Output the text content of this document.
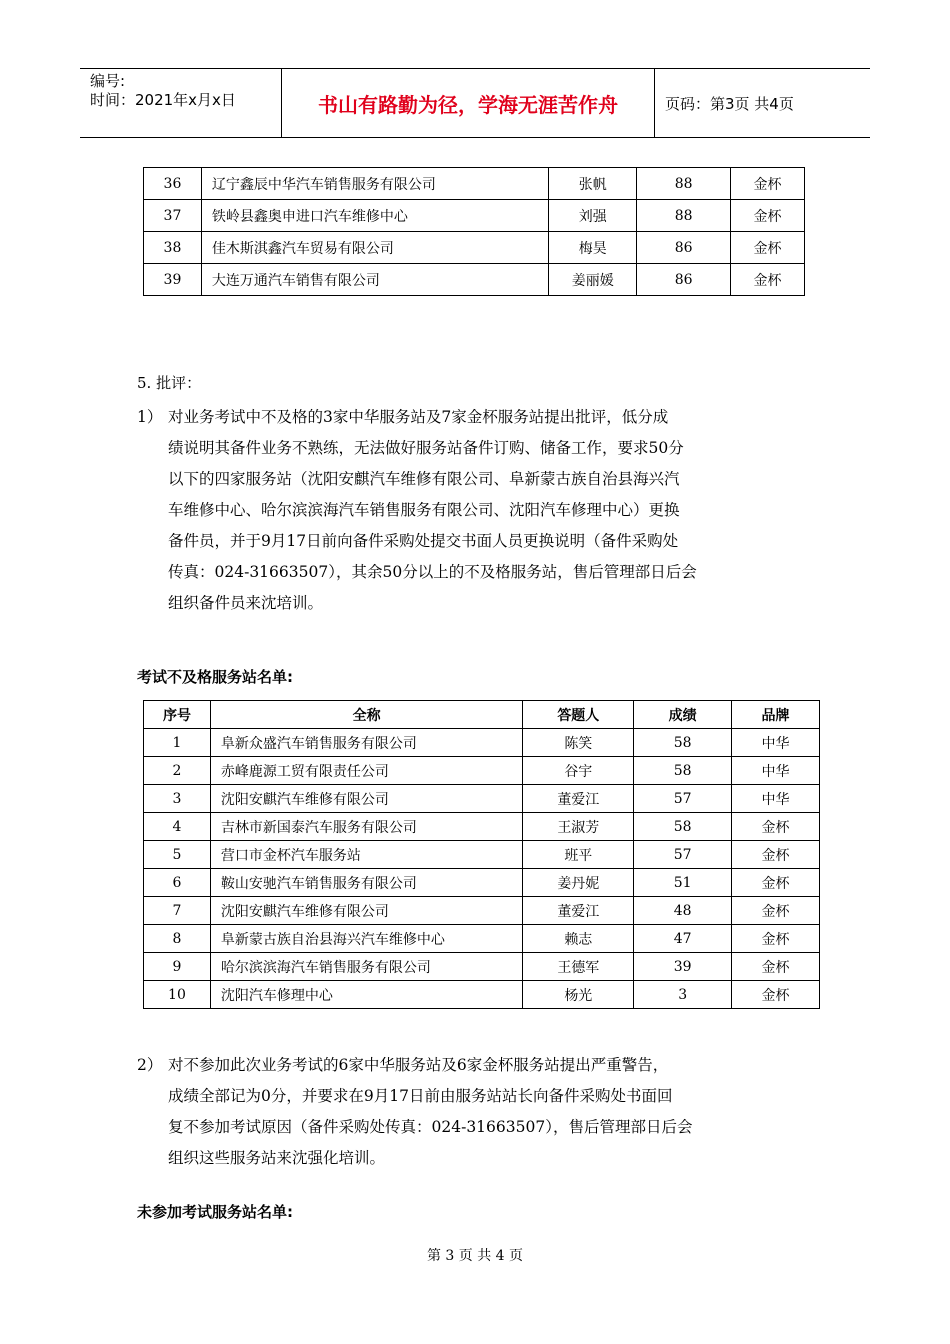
编号:
时间：2021年x月x日	书山有路勤为径，学海无涯苦作舟	页码：第3页 共4页
36	辽宁鑫辰中华汽车销售服务有限公司	张帆	88	金杯
37	铁岭县鑫奥申进口汽车维修中心	刘强	88	金杯
38	佳木斯淇鑫汽车贸易有限公司	梅昊	86	金杯
39	大连万通汽车销售有限公司	姜丽媛	86	金杯
5. 批评：
1） 对业务考试中不及格的3家中华服务站及7家金杯服务站提出批评，低分成
绩说明其备件业务不熟练，无法做好服务站备件订购、储备工作，要求50分
以下的四家服务站（沈阳安麒汽车维修有限公司、阜新蒙古族自治县海兴汽
车维修中心、哈尔滨滨海汽车销售服务有限公司、沈阳汽车修理中心）更换
备件员，并于9月17日前向备件采购处提交书面人员更换说明（备件采购处
传真：024-31663507），其余50分以上的不及格服务站，售后管理部日后会
组织备件员来沈培训。
考试不及格服务站名单:
序号	全称	答题人	成绩	品牌
1	阜新众盛汽车销售服务有限公司	陈笑	58	中华
2	赤峰鹿源工贸有限责任公司	谷宇	58	中华
3	沈阳安麒汽车维修有限公司	董爱江	57	中华
4	吉林市新国泰汽车服务有限公司	王淑芳	58	金杯
5	营口市金杯汽车服务站	班平	57	金杯
6	鞍山安驰汽车销售服务有限公司	姜丹妮	51	金杯
7	沈阳安麒汽车维修有限公司	董爱江	48	金杯
8	阜新蒙古族自治县海兴汽车维修中心	赖志	47	金杯
9	哈尔滨滨海汽车销售服务有限公司	王德军	39	金杯
10	沈阳汽车修理中心	杨光	3	金杯
2） 对不参加此次业务考试的6家中华服务站及6家金杯服务站提出严重警告，
成绩全部记为0分，并要求在9月17日前由服务站站长向备件采购处书面回
复不参加考试原因（备件采购处传真：024-31663507），售后管理部日后会
组织这些服务站来沈强化培训。
未参加考试服务站名单:
第 3 页 共 4 页
